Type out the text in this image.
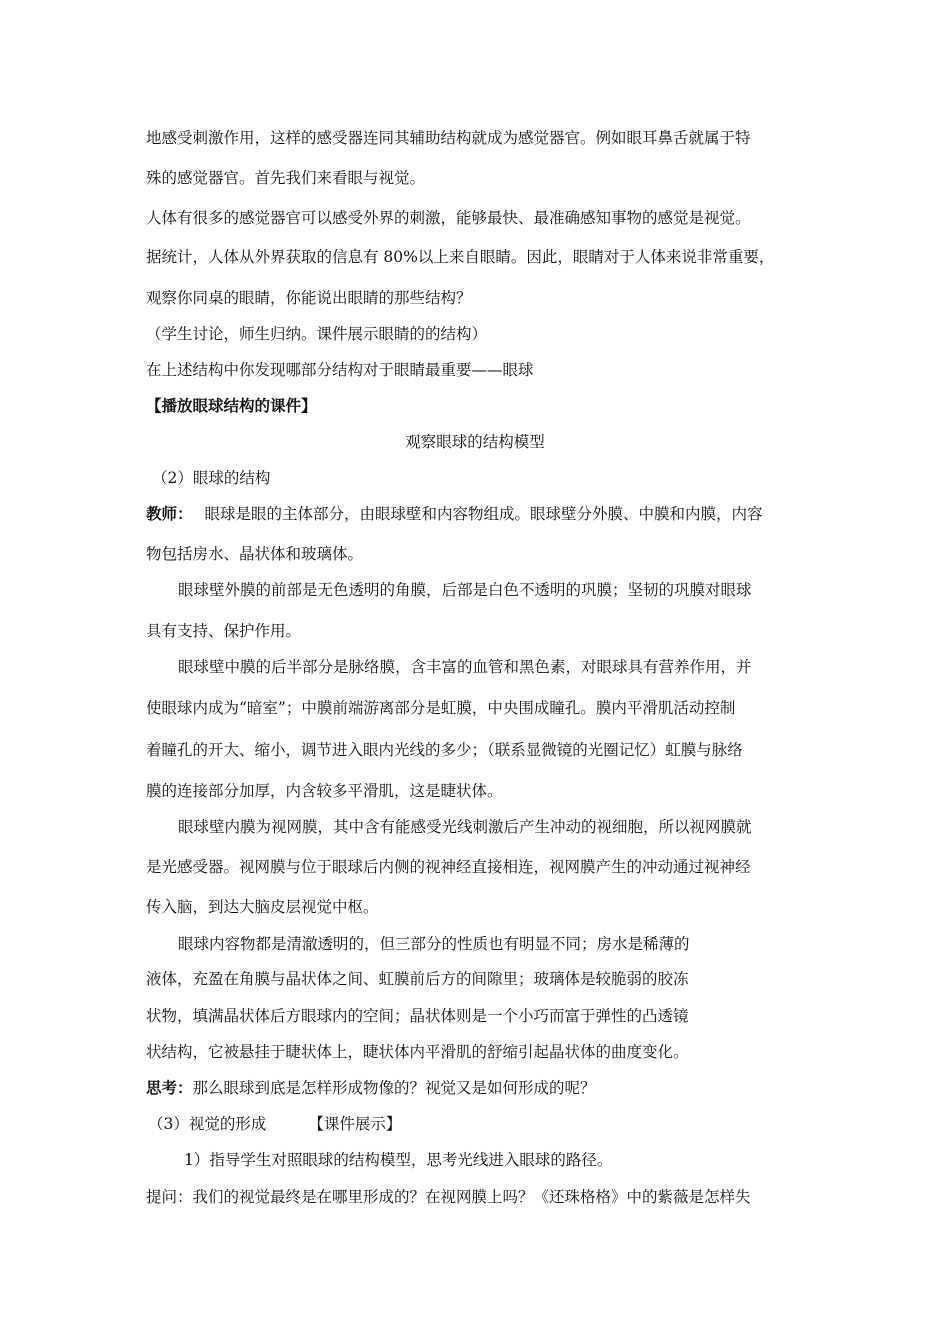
地感受刺激作用，这样的感受器连同其辅助结构就成为感觉器官。例如眼耳鼻舌就属于特

殊的感觉器官。首先我们来看眼与视觉。

人体有很多的感觉器官可以感受外界的刺激，能够最快、最准确感知事物的感觉是视觉。

据统计，人体从外界获取的信息有 80%以上来自眼睛。因此，眼睛对于人体来说非常重要，

观察你同桌的眼睛，你能说出眼睛的那些结构？

（学生讨论，师生归纳。课件展示眼睛的的结构）

在上述结构中你发现哪部分结构对于眼睛最重要——眼球

【播放眼球结构的课件】

观察眼球的结构模型

（2）眼球的结构

教师： 眼球是眼的主体部分，由眼球壁和内容物组成。眼球壁分外膜、中膜和内膜，内容

物包括房水、晶状体和玻璃体。

眼球壁外膜的前部是无色透明的角膜，后部是白色不透明的巩膜；坚韧的巩膜对眼球

具有支持、保护作用。

眼球壁中膜的后半部分是脉络膜，含丰富的血管和黑色素，对眼球具有营养作用，并

使眼球内成为“暗室”；中膜前端游离部分是虹膜，中央围成瞳孔。膜内平滑肌活动控制

着瞳孔的开大、缩小，调节进入眼内光线的多少；（联系显微镜的光圈记忆）虹膜与脉络

膜的连接部分加厚，内含较多平滑肌，这是睫状体。

眼球壁内膜为视网膜，其中含有能感受光线刺激后产生冲动的视细胞，所以视网膜就

是光感受器。视网膜与位于眼球后内侧的视神经直接相连，视网膜产生的冲动通过视神经

传入脑，到达大脑皮层视觉中枢。

眼球内容物都是清澈透明的，但三部分的性质也有明显不同；房水是稀薄的

液体，充盈在角膜与晶状体之间、虹膜前后方的间隙里；玻璃体是较脆弱的胶冻

状物，填满晶状体后方眼球内的空间；晶状体则是一个小巧而富于弹性的凸透镜

状结构，它被悬挂于睫状体上，睫状体内平滑肌的舒缩引起晶状体的曲度变化。

思考：那么眼球到底是怎样形成物像的？视觉又是如何形成的呢？

（3）视觉的形成	【课件展示】

1）指导学生对照眼球的结构模型，思考光线进入眼球的路径。

提问：我们的视觉最终是在哪里形成的？在视网膜上吗？《还珠格格》中的紫薇是怎样失
